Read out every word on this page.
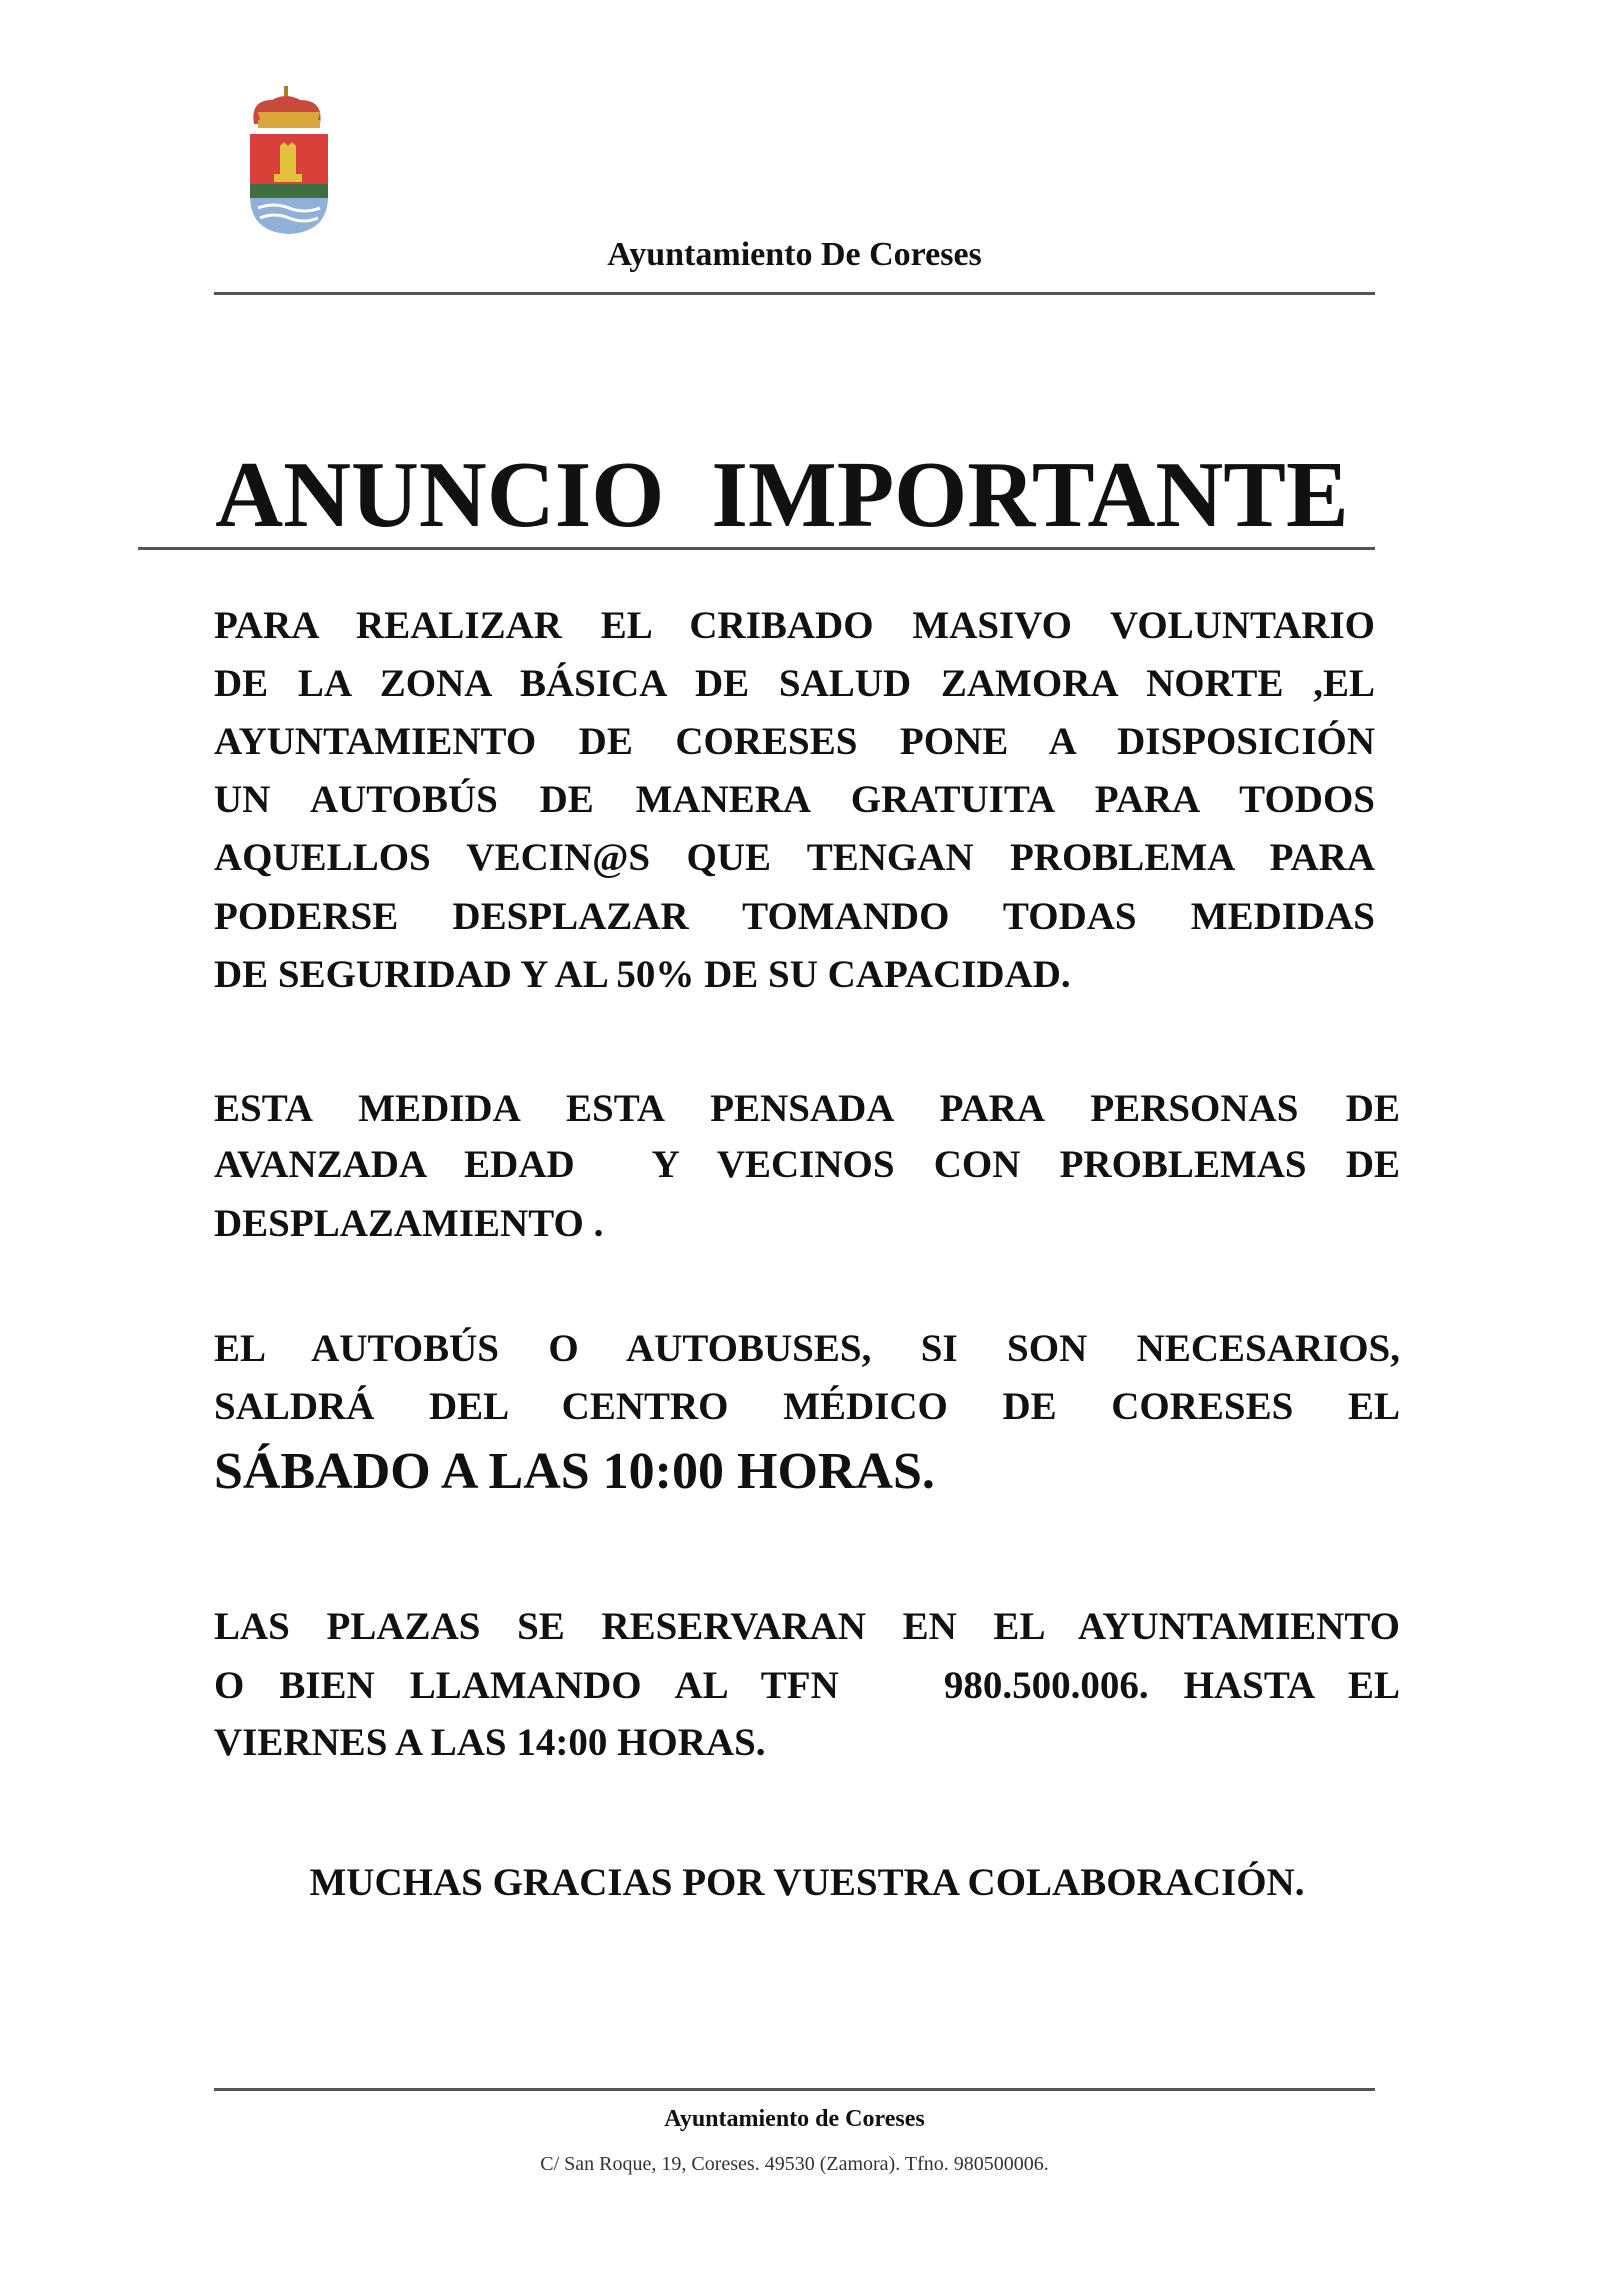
Ayuntamiento De Coreses
ANUNCIO  IMPORTANTE
PARA REALIZAR EL CRIBADO MASIVO VOLUNTARIO
DE LA ZONA BÁSICA DE SALUD ZAMORA NORTE ,EL
AYUNTAMIENTO DE CORESES PONE A DISPOSICIÓN
UN AUTOBÚS DE MANERA GRATUITA PARA TODOS
AQUELLOS VECIN@S QUE TENGAN PROBLEMA PARA
PODERSE DESPLAZAR TOMANDO TODAS MEDIDAS
DE SEGURIDAD Y AL 50% DE SU CAPACIDAD.
ESTA MEDIDA ESTA PENSADA PARA PERSONAS DE
AVANZADA EDAD  Y VECINOS CON PROBLEMAS DE
DESPLAZAMIENTO .
EL AUTOBÚS O AUTOBUSES, SI SON NECESARIOS,
SALDRÁ DEL CENTRO MÉDICO DE CORESES EL
SÁBADO A LAS 10:00 HORAS.
LAS PLAZAS SE RESERVARAN EN EL AYUNTAMIENTO
O BIEN LLAMANDO AL TFN   980.500.006. HASTA EL
VIERNES A LAS 14:00 HORAS.
MUCHAS GRACIAS POR VUESTRA COLABORACIÓN.
Ayuntamiento de Coreses
C/ San Roque, 19, Coreses. 49530 (Zamora). Tfno. 980500006.
